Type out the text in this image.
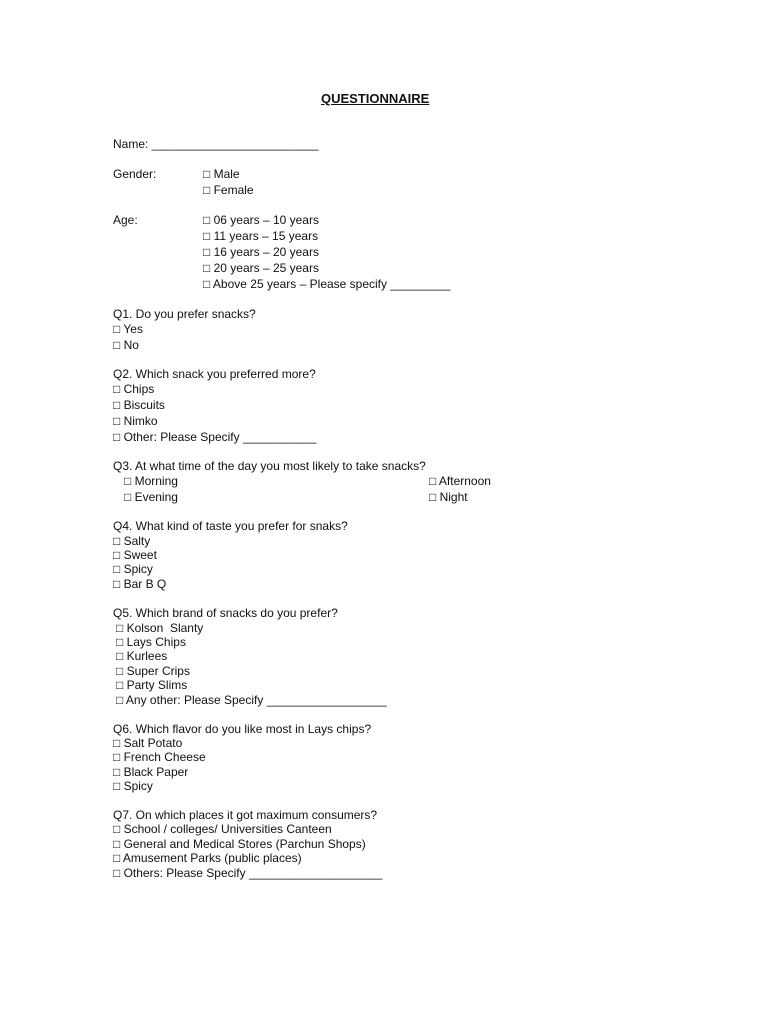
QUESTIONNAIRE
Name: _________________________
Gender:	□ Male
□ Female
Age:	□ 06 years – 10 years
□ 11 years – 15 years
□ 16 years – 20 years
□ 20 years – 25 years
□ Above 25 years – Please specify _________
Q1. Do you prefer snacks?
□ Yes
□ No
Q2. Which snack you preferred more?
□ Chips
□ Biscuits
□ Nimko
□ Other: Please Specify ___________
Q3. At what time of the day you most likely to take snacks?
□ Morning
□ Evening
□ Afternoon
□ Night
Q4. What kind of taste you prefer for snaks?
□ Salty
□ Sweet
□ Spicy
□ Bar B Q
Q5. Which brand of snacks do you prefer?
□ Kolson  Slanty
□ Lays Chips
□ Kurlees
□ Super Crips
□ Party Slims
□ Any other: Please Specify __________________
Q6. Which flavor do you like most in Lays chips?
□ Salt Potato
□ French Cheese
□ Black Paper
□ Spicy
Q7. On which places it got maximum consumers?
□ School / colleges/ Universities Canteen
□ General and Medical Stores (Parchun Shops)
□ Amusement Parks (public places)
□ Others: Please Specify ____________________
